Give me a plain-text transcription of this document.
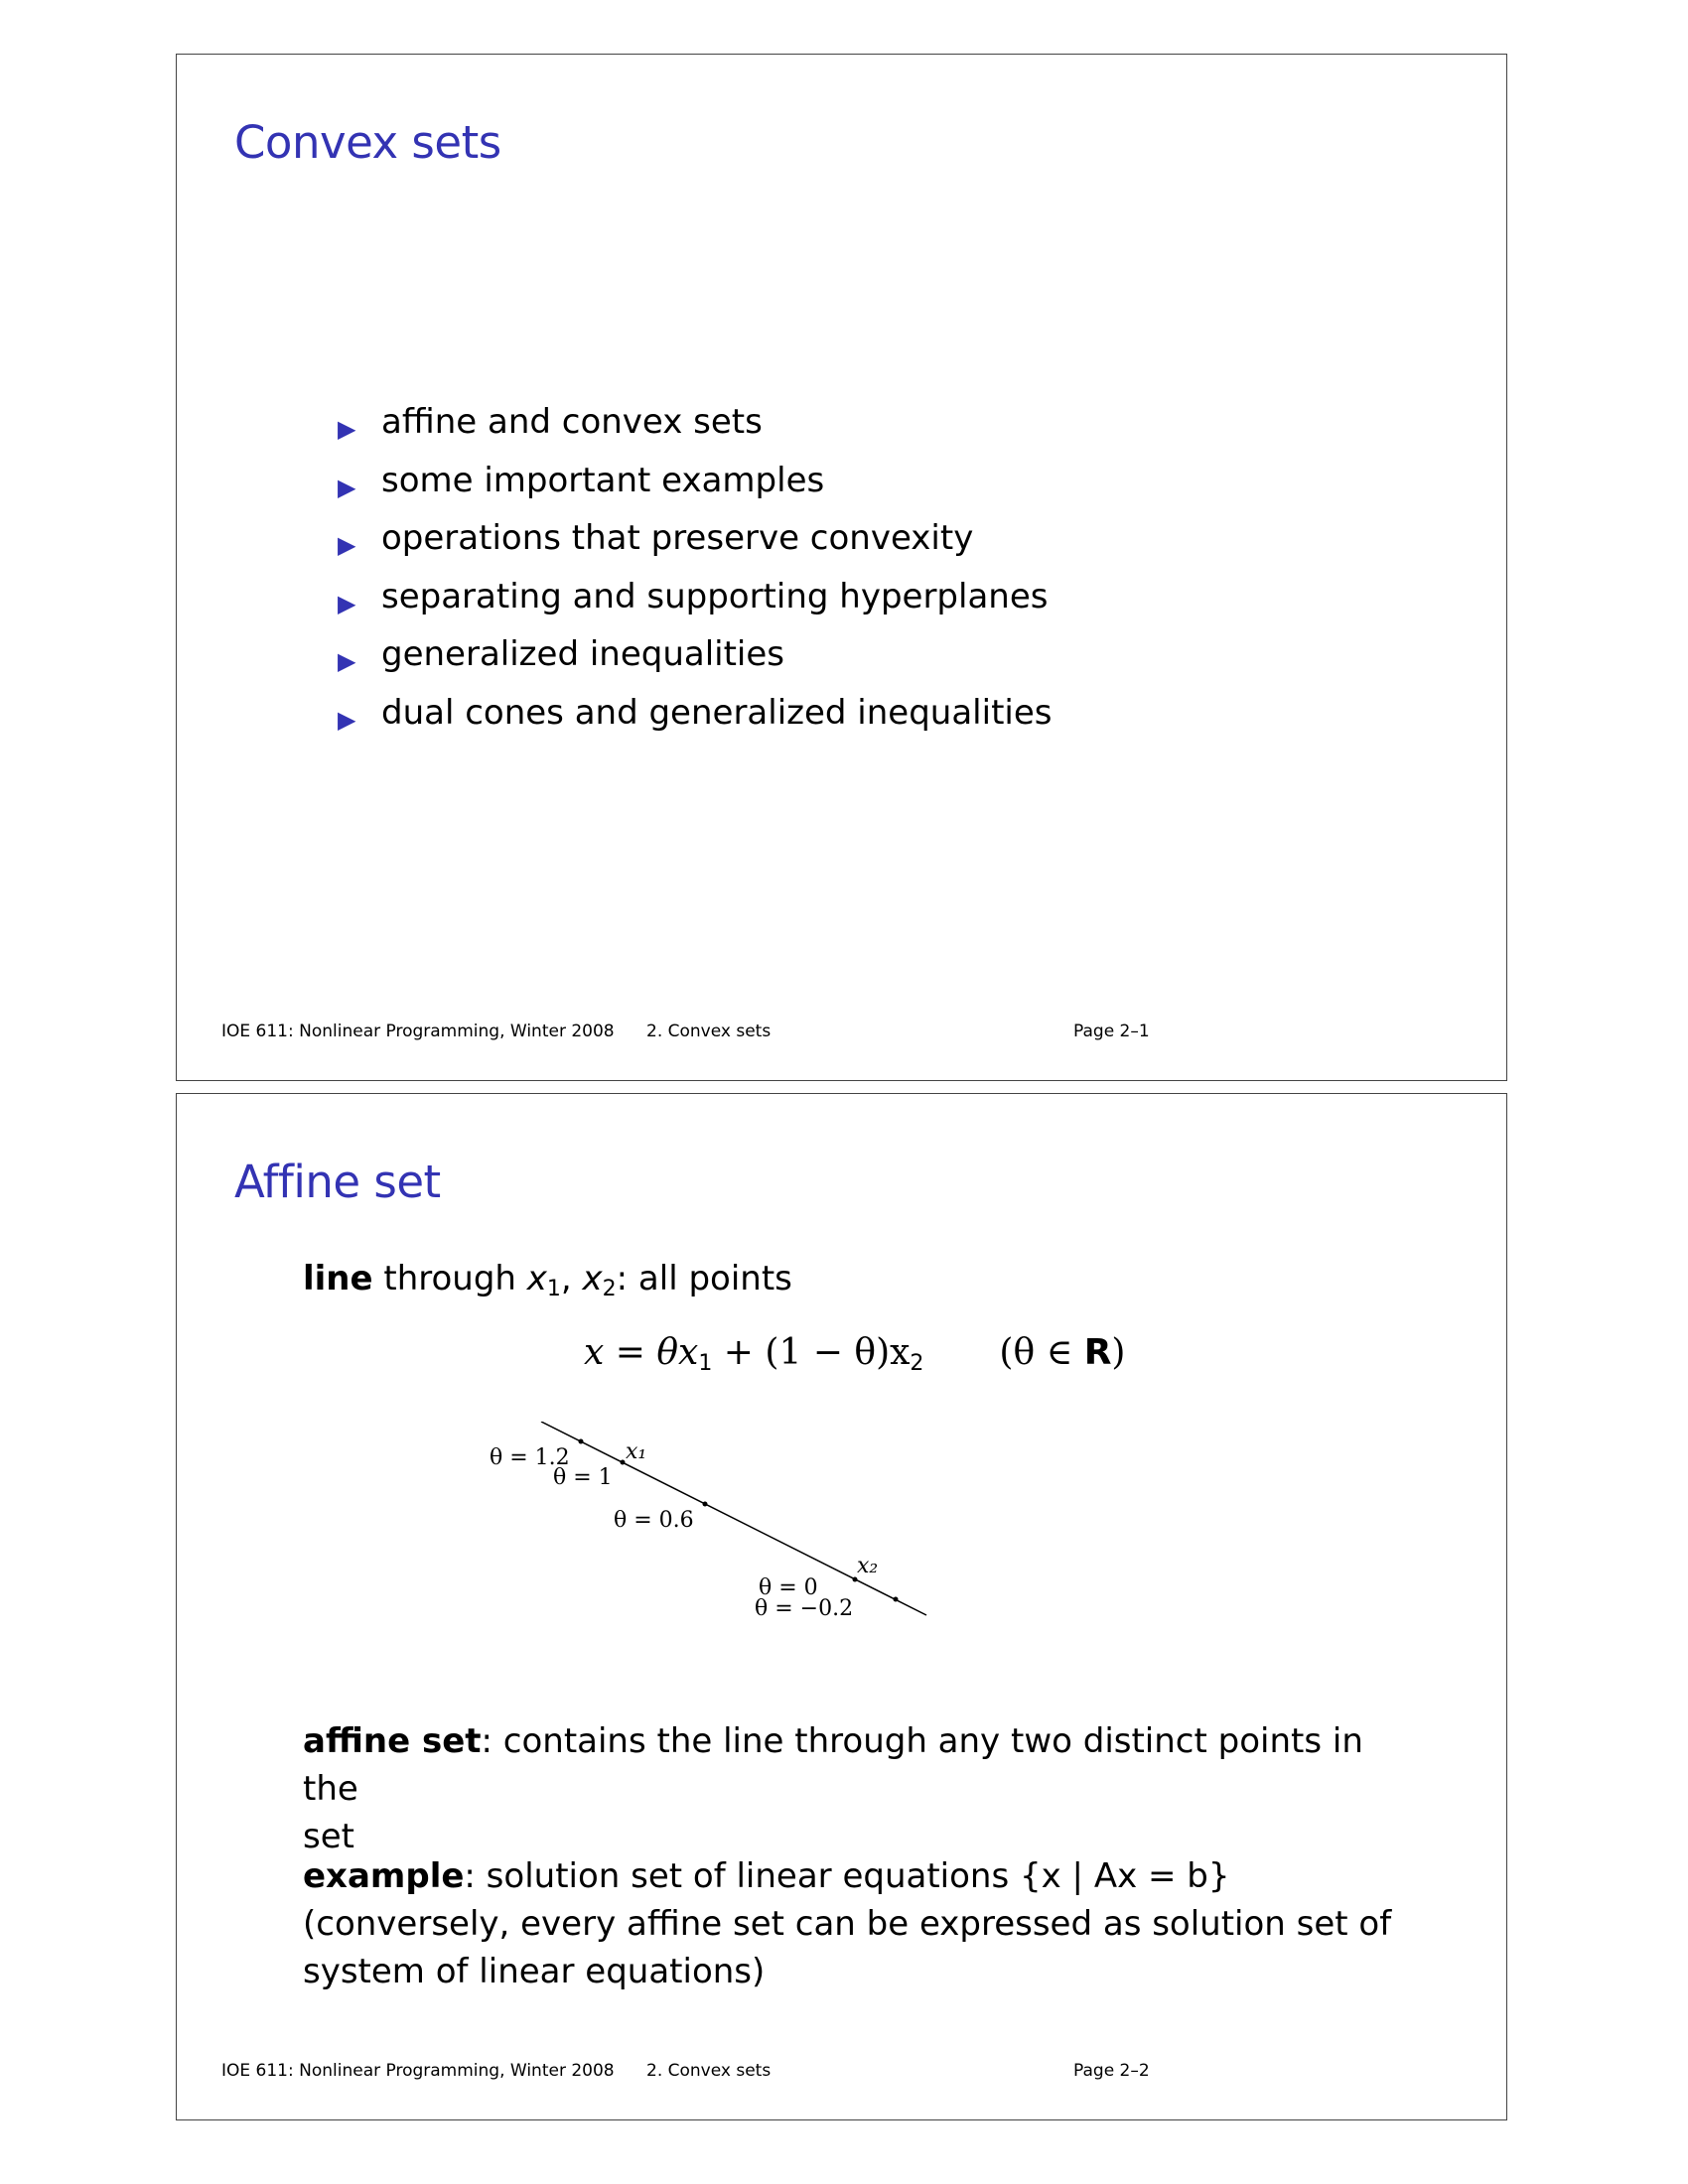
Convex sets
▶ affine and convex sets
▶ some important examples
▶ operations that preserve convexity
▶ separating and supporting hyperplanes
▶ generalized inequalities
▶ dual cones and generalized inequalities
IOE 611: Nonlinear Programming, Winter 2008 2. Convex sets	Page 2–1
Affine set

line through $x_1$, $x_2$: all points

$x = \theta x_1 + (1 - \theta)x_2$ (θ ∈ R)
θ = 1.2	x₁
θ = 1
θ = 0.6
x₂
θ = 0
θ = −0.2

affine set: contains the line through any two distinct points in the
set

example: solution set of linear equations {x | Ax = b}
(conversely, every affine set can be expressed as solution set of
system of linear equations)

IOE 611: Nonlinear Programming, Winter 2008 2. Convex sets	Page 2–2
